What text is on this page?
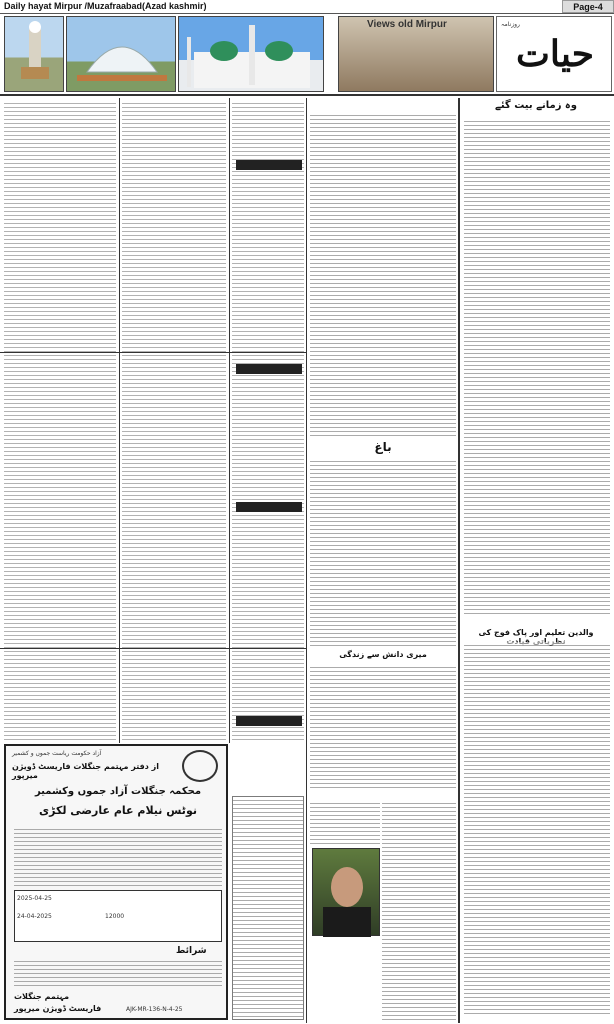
Daily hayat Mirpur /Muzafraabad(Azad kashmir)	Page-4
Views old Mirpur	روزنامہ
حیات
وہ زمانے بیت گئے
والدین تعلیم اور پاک فوج کی
باغ
میری دانش سے زندگی
آزاد حکومت ریاست جموں و کشمیر
از دفتر مہتمم جنگلات فاریسٹ ڈویژن میرپور
محکمہ جنگلات آزاد جموں وکشمیر
نوٹس نیلام عام عارضی لکڑی
2025-04-25
24-04-2025	12000
شرائط
مہتمم جنگلات
فاریسٹ ڈویژن میرپور	AJK-MR-136-N-4-25
